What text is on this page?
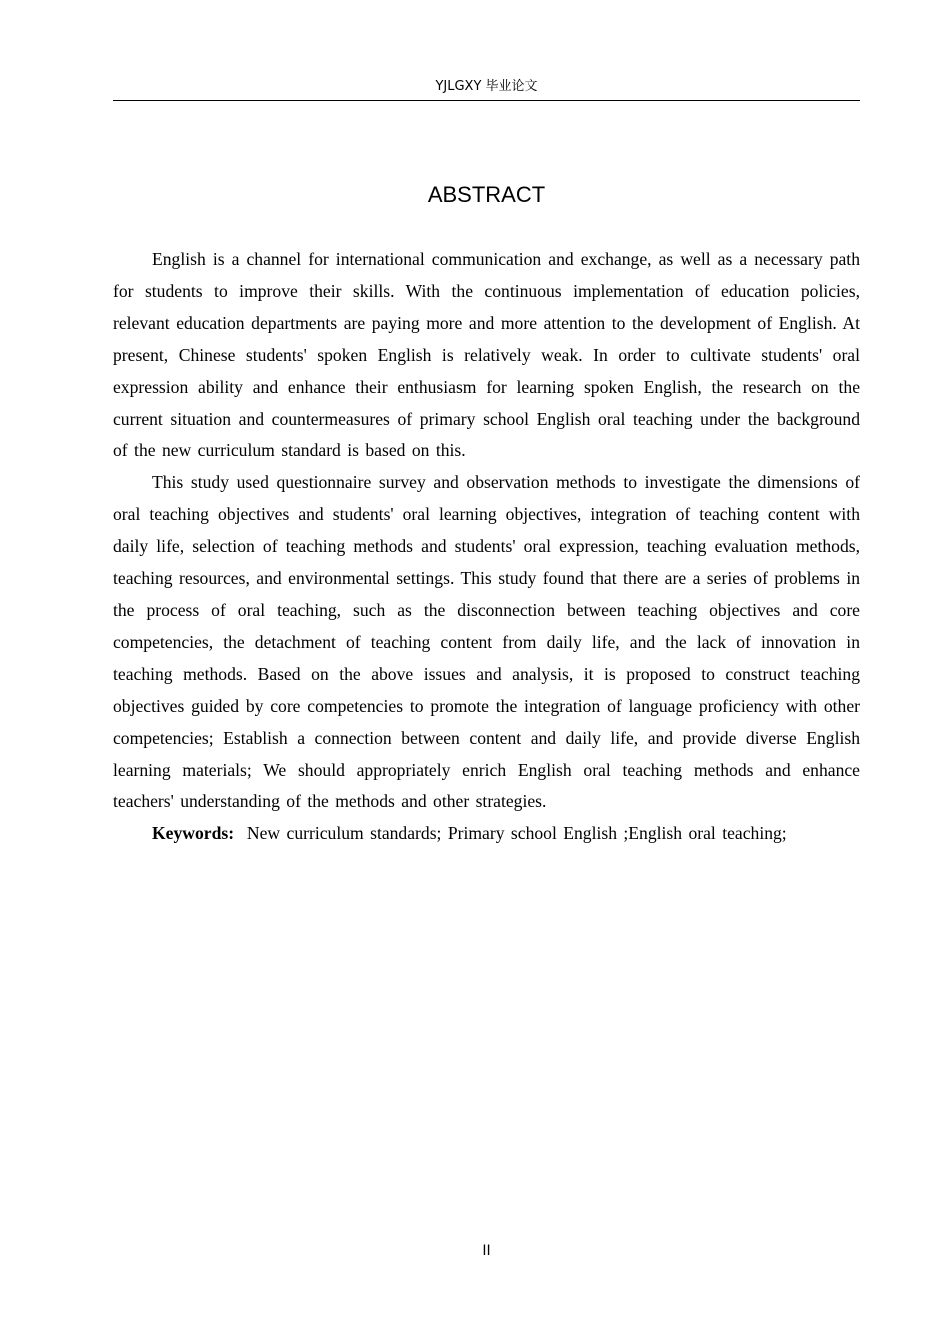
YJLGXY 毕业论文
ABSTRACT

English is a channel for international communication and exchange, as well as a necessary path for students to improve their skills. With the continuous implementation of education policies, relevant education departments are paying more and more attention to the development of English. At present, Chinese students' spoken English is relatively weak. In order to cultivate students' oral expression ability and enhance their enthusiasm for learning spoken English, the research on the current situation and countermeasures of primary school English oral teaching under the background of the new curriculum standard is based on this.

This study used questionnaire survey and observation methods to investigate the dimensions of oral teaching objectives and students' oral learning objectives, integration of teaching content with daily life, selection of teaching methods and students' oral expression, teaching evaluation methods, teaching resources, and environmental settings. This study found that there are a series of problems in the process of oral teaching, such as the disconnection between teaching objectives and core competencies, the detachment of teaching content from daily life, and the lack of innovation in teaching methods. Based on the above issues and analysis, it is proposed to construct teaching objectives guided by core competencies to promote the integration of language proficiency with other competencies; Establish a connection between content and daily life, and provide diverse English learning materials; We should appropriately enrich English oral teaching methods and enhance teachers' understanding of the methods and other strategies.

Keywords: New curriculum standards; Primary school English ;English oral teaching;

II
